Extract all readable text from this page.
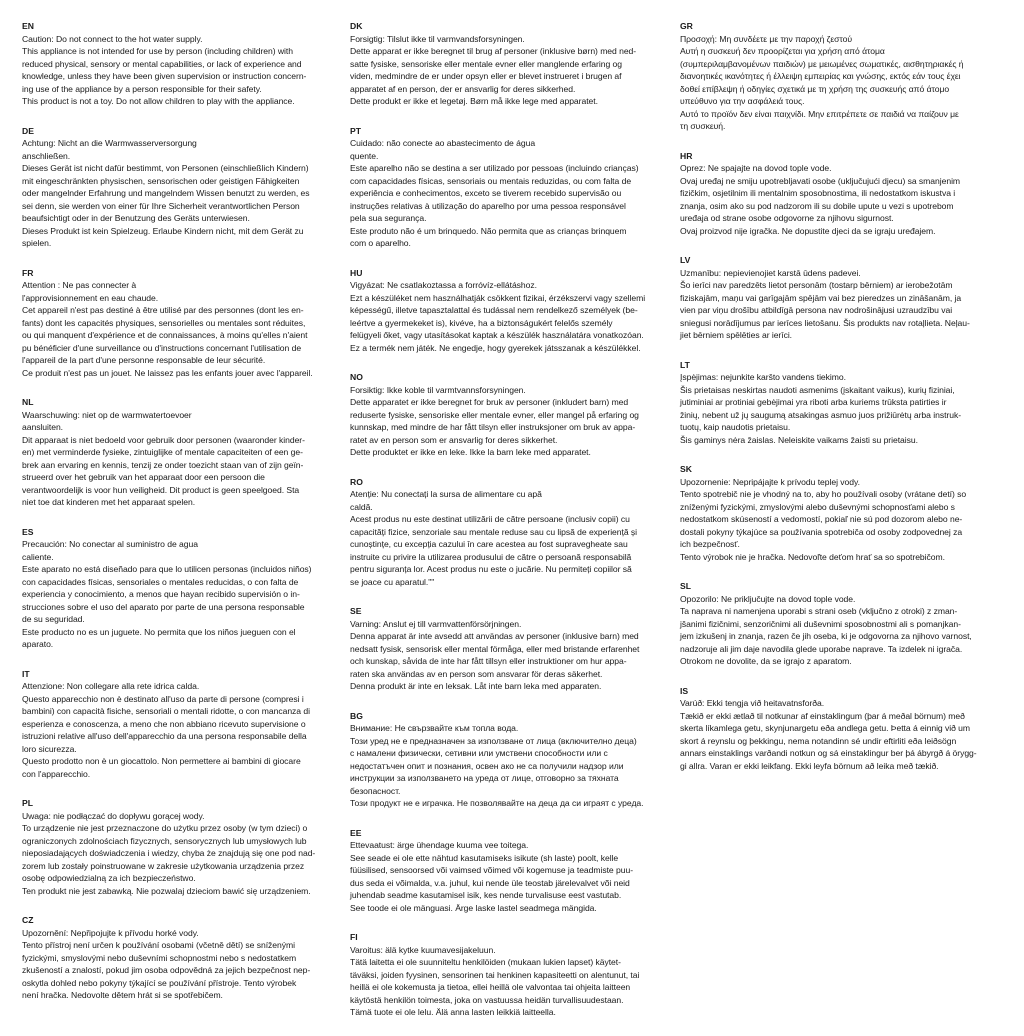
EN
Caution: Do not connect to the hot water supply.
This appliance is not intended for use by person (including children) with
reduced physical, sensory or mental capabilities, or lack of experience and
knowledge, unless they have been given supervision or instruction concern-
ing use of the appliance by a person responsible for their safety.
This product is not a toy. Do not allow children to play with the appliance.
DE
Achtung: Nicht an die Warmwasserversorgung
anschließen.
Dieses Gerät ist nicht dafür bestimmt, von Personen (einschließlich Kindern)
mit eingeschränkten physischen, sensorischen oder geistigen Fähigkeiten
oder mangelnder Erfahrung und mangelndem Wissen benutzt zu werden, es
sei denn, sie werden von einer für Ihre Sicherheit verantwortlichen Person
beaufsichtigt oder in der Benutzung des Geräts unterwiesen.
Dieses Produkt ist kein Spielzeug. Erlaube Kindern nicht, mit dem Gerät zu
spielen.
FR
Attention : Ne pas connecter à
l'approvisionnement en eau chaude.
Cet appareil n'est pas destiné à être utilisé par des personnes (dont les en-
fants) dont les capacités physiques, sensorielles ou mentales sont réduites,
ou qui manquent d'expérience et de connaissances, à moins qu'elles n'aient
pu bénéficier d'une surveillance ou d'instructions concernant l'utilisation de
l'appareil de la part d'une personne responsable de leur sécurité.
Ce produit n'est pas un jouet. Ne laissez pas les enfants jouer avec l'appareil.
NL
Waarschuwing: niet op de warmwatertoevoer
aansluiten.
Dit apparaat is niet bedoeld voor gebruik door personen (waaronder kinder-
en) met verminderde fysieke, zintuiglijke of mentale capaciteiten of een ge-
brek aan ervaring en kennis, tenzij ze onder toezicht staan van of zijn geïn-
strueerd over het gebruik van het apparaat door een persoon die
verantwoordelijk is voor hun veiligheid. Dit product is geen speelgoed. Sta
niet toe dat kinderen met het apparaat spelen.
ES
Precaución: No conectar al suministro de agua
caliente.
Este aparato no está diseñado para que lo utilicen personas (incluidos niños)
con capacidades físicas, sensoriales o mentales reducidas, o con falta de
experiencia y conocimiento, a menos que hayan recibido supervisión o in-
strucciones sobre el uso del aparato por parte de una persona responsable
de su seguridad.
Este producto no es un juguete. No permita que los niños jueguen con el
aparato.
IT
Attenzione: Non collegare alla rete idrica calda.
Questo apparecchio non è destinato all'uso da parte di persone (compresi i
bambini) con capacità fisiche, sensoriali o mentali ridotte, o con mancanza di
esperienza e conoscenza, a meno che non abbiano ricevuto supervisione o
istruzioni relative all'uso dell'apparecchio da una persona responsabile della
loro sicurezza.
Questo prodotto non è un giocattolo. Non permettere ai bambini di giocare
con l'apparecchio.
PL
Uwaga: nie podłączać do dopływu gorącej wody.
To urządzenie nie jest przeznaczone do użytku przez osoby (w tym dzieci) o
ograniczonych zdolnościach fizycznych, sensorycznych lub umysłowych lub
nieposiadających doświadczenia i wiedzy, chyba że znajdują się one pod nad-
zorem lub zostały poinstruowane w zakresie użytkowania urządzenia przez
osobę odpowiedzialną za ich bezpieczeństwo.
Ten produkt nie jest zabawką. Nie pozwalaj dzieciom bawić się urządzeniem.
CZ
Upozornění: Nepřipojujte k přívodu horké vody.
Tento přístroj není určen k používání osobami (včetně dětí) se sníženými
fyzickými, smyslovými nebo duševními schopnostmi nebo s nedostatkem
zkušeností a znalostí, pokud jim osoba odpovědná za jejich bezpečnost nep-
oskytla dohled nebo pokyny týkající se používání přístroje. Tento výrobek
není hračka. Nedovolte dětem hrát si se spotřebičem.
DK
Forsigtig: Tilslut ikke til varmvandsforsyningen.
Dette apparat er ikke beregnet til brug af personer (inklusive børn) med ned-
satte fysiske, sensoriske eller mentale evner eller manglende erfaring og
viden, medmindre de er under opsyn eller er blevet instrueret i brugen af
apparatet af en person, der er ansvarlig for deres sikkerhed.
Dette produkt er ikke et legetøj. Børn må ikke lege med apparatet.
PT
Cuidado: não conecte ao abastecimento de água
quente.
Este aparelho não se destina a ser utilizado por pessoas (incluindo crianças)
com capacidades físicas, sensoriais ou mentais reduzidas, ou com falta de
experiência e conhecimentos, exceto se tiverem recebido supervisão ou
instruções relativas à utilização do aparelho por uma pessoa responsável
pela sua segurança.
Este produto não é um brinquedo. Não permita que as crianças brinquem
com o aparelho.
HU
Vigyázat: Ne csatlakoztassa a forróvíz-ellátáshoz.
Ezt a készüléket nem használhatják csökkent fizikai, érzékszervi vagy szellemi
képességű, illetve tapasztalattal és tudással nem rendelkező személyek (be-
leértve a gyermekeket is), kivéve, ha a biztonságukért felelős személy
felügyeli őket, vagy utasításokat kaptak a készülék használatára vonatkozóan.
Ez a termék nem játék. Ne engedje, hogy gyerekek játsszanak a készülékkel.
NO
Forsiktig: Ikke koble til varmtvannsforsyningen.
Dette apparatet er ikke beregnet for bruk av personer (inkludert barn) med
reduserte fysiske, sensoriske eller mentale evner, eller mangel på erfaring og
kunnskap, med mindre de har fått tilsyn eller instruksjoner om bruk av appa-
ratet av en person som er ansvarlig for deres sikkerhet.
Dette produktet er ikke en leke. Ikke la barn leke med apparatet.
RO
Atenție: Nu conectați la sursa de alimentare cu apă
caldă.
Acest produs nu este destinat utilizării de către persoane (inclusiv copii) cu
capacități fizice, senzoriale sau mentale reduse sau cu lipsă de experiență și
cunoștințe, cu excepția cazului în care acestea au fost supravegheate sau
instruite cu privire la utilizarea produsului de către o persoană responsabilă
pentru siguranța lor. Acest produs nu este o jucărie. Nu permiteți copiilor să
se joace cu aparatul.""
SE
Varning: Anslut ej till varmvattenförsörjningen.
Denna apparat är inte avsedd att användas av personer (inklusive barn) med
nedsatt fysisk, sensorisk eller mental förmåga, eller med bristande erfarenhet
och kunskap, såvida de inte har fått tillsyn eller instruktioner om hur appa-
raten ska användas av en person som ansvarar för deras säkerhet.
Denna produkt är inte en leksak. Låt inte barn leka med apparaten.
BG
Внимание: Не свързвайте към топла вода.
Този уред не е предназначен за използване от лица (включително деца)
с намалени физически, сетивни или умствени способности или с
недостатъчен опит и познания, освен ако не са получили надзор или
инструкции за използването на уреда от лице, отговорно за тяхната
безопасност.
Този продукт не е играчка. Не позволявайте на деца да си играят с уреда.
EE
Ettevaatust: ärge ühendage kuuma vee toitega.
See seade ei ole ette nähtud kasutamiseks isikute (sh laste) poolt, kelle
füüsilised, sensoorsed või vaimsed võimed või kogemuse ja teadmiste puu-
dus seda ei võimalda, v.a. juhul, kui nende üle teostab järelevalvet või neid
juhendab seadme kasutamisel isik, kes nende turvalisuse eest vastutab.
See toode ei ole mänguasi. Ärge laske lastel seadmega mängida.
FI
Varoitus: älä kytke kuumavesijakeluun.
Tätä laitetta ei ole suunniteltu henkilöiden (mukaan lukien lapset) käytet-
täväksi, joiden fyysinen, sensorinen tai henkinen kapasiteetti on alentunut, tai
heillä ei ole kokemusta ja tietoa, ellei heillä ole valvontaa tai ohjeita laitteen
käytöstä henkilön toimesta, joka on vastuussa heidän turvallisuudestaan.
Tämä tuote ei ole lelu. Älä anna lasten leikkiä laitteella.
GR
Προσοχή: Μη συνδέετε με την παροχή ζεστού
Αυτή η συσκευή δεν προορίζεται για χρήση από άτομα
(συμπεριλαμβανομένων παιδιών) με μειωμένες σωματικές, αισθητηριακές ή
διανοητικές ικανότητες ή έλλειψη εμπειρίας και γνώσης, εκτός εάν τους έχει
δοθεί επίβλεψη ή οδηγίες σχετικά με τη χρήση της συσκευής από άτομο
υπεύθυνο για την ασφάλειά τους.
Αυτό το προϊόν δεν είναι παιχνίδι. Μην επιτρέπετε σε παιδιά να παίζουν με
τη συσκευή.
HR
Oprez: Ne spajajte na dovod tople vode.
Ovaj uređaj ne smiju upotrebljavati osobe (uključujući djecu) sa smanjenim
fizičkim, osjetilnim ili mentalnim sposobnostima, ili nedostatkom iskustva i
znanja, osim ako su pod nadzorom ili su dobile upute u vezi s upotrebom
uređaja od strane osobe odgovorne za njihovu sigurnost.
Ovaj proizvod nije igračka. Ne dopustite djeci da se igraju uređajem.
LV
Uzmanību: nepievienojiet karstā ūdens padevei.
Šo ierīci nav paredzēts lietot personām (tostarp bērniem) ar ierobežotām
fiziskajām, maņu vai garīgajām spējām vai bez pieredzes un zināšanām, ja
vien par viņu drošību atbildīgā persona nav nodrošinājusi uzraudzību vai
sniegusi norādījumus par ierīces lietošanu. Šis produkts nav rotaļlieta. Neļau-
jiet bērniem spēlēties ar ierīci.
LT
Įspėjimas: nejunkite karšto vandens tiekimo.
Šis prietaisas neskirtas naudoti asmenims (įskaitant vaikus), kurių fiziniai,
jutiminiai ar protiniai gebėjimai yra riboti arba kuriems trūksta patirties ir
žinių, nebent už jų saugumą atsakingas asmuo juos prižiūrėtų arba instruk-
tuotų, kaip naudotis prietaisu.
Šis gaminys nėra žaislas. Neleiskite vaikams žaisti su prietaisu.
SK
Upozornenie: Nepripájajte k prívodu teplej vody.
Tento spotrebič nie je vhodný na to, aby ho používali osoby (vrátane detí) so
zníženými fyzickými, zmyslovými alebo duševnými schopnosťami alebo s
nedostatkom skúseností a vedomostí, pokiaľ nie sú pod dozorom alebo ne-
dostali pokyny týkajúce sa používania spotrebiča od osoby zodpovednej za
ich bezpečnosť.
Tento výrobok nie je hračka. Nedovoľte deťom hrať sa so spotrebičom.
SL
Opozorilo: Ne priključujte na dovod tople vode.
Ta naprava ni namenjena uporabi s strani oseb (vključno z otroki) z zman-
jšanimi fizičnimi, senzoričnimi ali duševnimi sposobnostmi ali s pomanjkan-
jem izkušenj in znanja, razen če jih oseba, ki je odgovorna za njihovo varnost,
nadzoruje ali jim daje navodila glede uporabe naprave. Ta izdelek ni igrača.
Otrokom ne dovolite, da se igrajo z aparatom.
IS
Varúð: Ekki tengja við heitavatnsforða.
Tækið er ekki ætlað til notkunar af einstaklingum (þar á meðal börnum) með
skerta líkamlega getu, skynjunargetu eða andlega getu. Þetta á einnig við um
skort á reynslu og þekkingu, nema notandinn sé undir eftirliti eða leiðsögn
annars einstaklings varðandi notkun og sá einstaklingur ber þá ábyrgð á örygg-
gi allra. Varan er ekki leikfang. Ekki leyfa börnum að leika með tækið.
